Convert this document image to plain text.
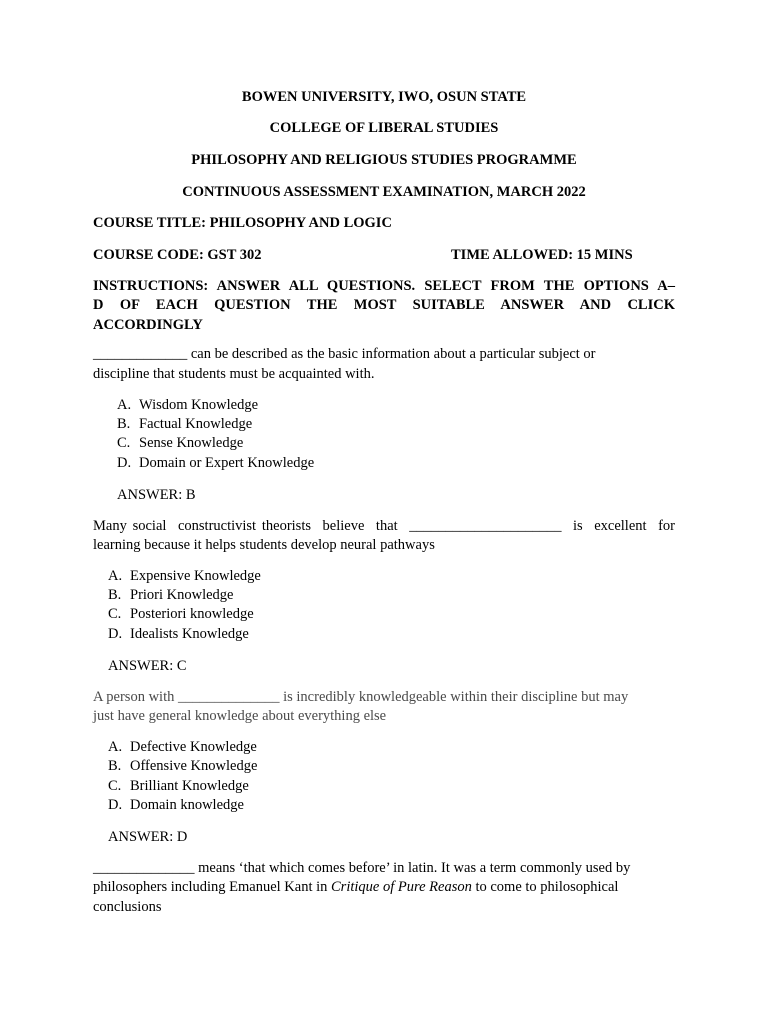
BOWEN UNIVERSITY, IWO, OSUN STATE
COLLEGE OF LIBERAL STUDIES
PHILOSOPHY AND RELIGIOUS STUDIES PROGRAMME
CONTINUOUS ASSESSMENT EXAMINATION, MARCH 2022
COURSE TITLE: PHILOSOPHY AND LOGIC
COURSE CODE: GST 302	TIME ALLOWED: 15 MINS
INSTRUCTIONS: ANSWER ALL QUESTIONS. SELECT FROM THE OPTIONS A–
D OF EACH QUESTION THE MOST SUITABLE ANSWER AND CLICK
ACCORDINGLY
_____________ can be described as the basic information about a particular subject or
discipline that students must be acquainted with.
A. Wisdom Knowledge
B. Factual Knowledge
C. Sense Knowledge
D. Domain or Expert Knowledge
ANSWER: B
Many social  constructivist theorists  believe  that  _____________________  is  excellent  for
learning because it helps students develop neural pathways
A. Expensive Knowledge
B. Priori Knowledge
C. Posteriori knowledge
D. Idealists Knowledge
ANSWER: C
A person with ______________ is incredibly knowledgeable within their discipline but may
just have general knowledge about everything else
A. Defective Knowledge
B. Offensive Knowledge
C. Brilliant Knowledge
D. Domain knowledge
ANSWER: D
______________ means ‘that which comes before’ in latin. It was a term commonly used by
philosophers including Emanuel Kant in Critique of Pure Reason to come to philosophical
conclusions
